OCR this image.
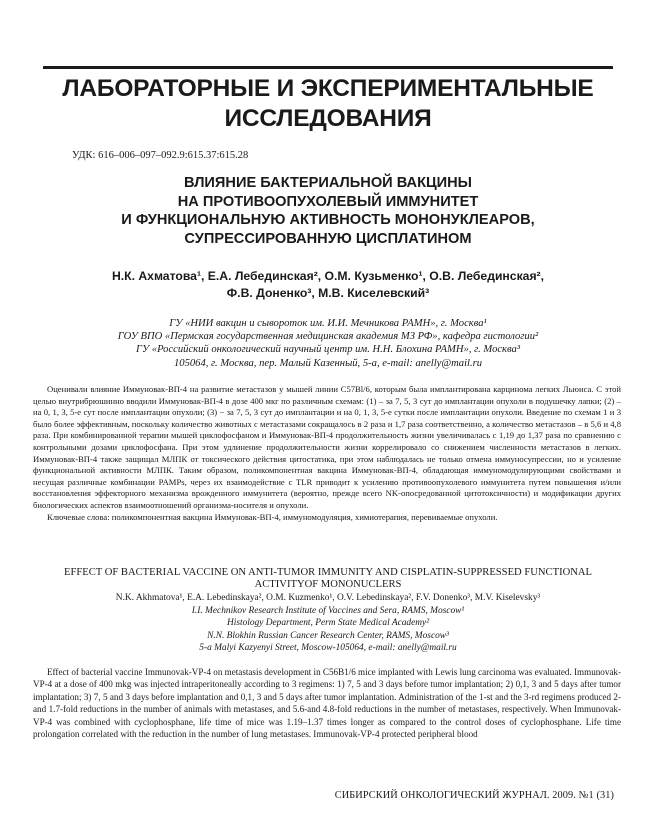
ЛАБОРАТОРНЫЕ И ЭКСПЕРИМЕНТАЛЬНЫЕ
ИССЛЕДОВАНИЯ
УДК: 616–006–097–092.9:615.37:615.28
ВЛИЯНИЕ БАКТЕРИАЛЬНОЙ ВАКЦИНЫ
НА ПРОТИВООПУХОЛЕВЫЙ ИММУНИТЕТ
И ФУНКЦИОНАЛЬНУЮ АКТИВНОСТЬ МОНОНУКЛЕАРОВ,
СУПРЕССИРОВАННУЮ ЦИСПЛАТИНОМ
Н.К. Ахматова¹, Е.А. Лебединская², О.М. Кузьменко¹, О.В. Лебединская²,
Ф.В. Доненко³, М.В. Киселевский³
ГУ «НИИ вакцин и сывороток им. И.И. Мечникова РАМН», г. Москва¹
ГОУ ВПО «Пермская государственная медицинская академия МЗ РФ», кафедра гистологии²
ГУ «Российский онкологический научный центр им. Н.Н. Блохина РАМН», г. Москва³
105064, г. Москва, пер. Малый Казенный, 5-а, e-mail: anelly@mail.ru

Оценивали влияние Иммуновак-ВП-4 на развитие метастазов у мышей линии C57Bl/6, которым была имплантирована карцинома легких Льюиса. С этой целью внутрибрюшинно вводили Иммуновак-ВП-4 в дозе 400 мкг по различным схемам: (1) – за 7, 5, 3 сут до имплантации опухоли в подушечку лапки; (2) – на 0, 1, 3, 5-е сут после имплантации опухоли; (3) − за 7, 5, 3 сут до имплантации и на 0, 1, 3, 5-е сутки после имплантации опухоли. Введение по схемам 1 и 3 было более эффективным, поскольку количество животных с метастазами сокращалось в 2 раза и 1,7 раза соответственно, а количество метастазов – в 5,6 и 4,8 раза. При комбинированной терапии мышей циклофосфаном и Иммуновак-ВП-4 продолжительность жизни увеличивалась с 1,19 до 1,37 раза по сравнению с контрольными дозами циклофосфана. При этом удлинение продолжительности жизни коррелировало со снижением численности метастазов в легких. Иммуновак-ВП-4 также защищал МЛПК от токсического действия цитостатика, при этом наблюдалась не только отмена иммуносупрессии, но и усиление функциональной активности МЛПК. Таким образом, поликомпонентная вакцина Иммуновак-ВП-4, обладающая иммуномодулирующими свойствами и несущая различные комбинации PAMPs, через их взаимодействие с TLR приводит к усилению противоопухолевого иммунитета путем повышения и/или восстановления эффекторного механизма врожденного иммунитета (вероятно, прежде всего NK-опосредованной цитотоксичности) и модификации других биологических аспектов взаимоотношений организма-носителя и опухоли.

Ключевые слова: поликомпонентная вакцина Иммуновак-ВП-4, иммуномодуляция, химиотерапия, перевиваемые опухоли.

EFFECT OF BACTERIAL VACCINE ON ANTI-TUMOR IMMUNITY AND CISPLATIN-SUPPRESSED FUNCTIONAL
ACTIVITYOF MONONUCLERS
N.K. Akhmatova¹, E.A. Lebedinskaya², O.M. Kuzmenko¹, O.V. Lebedinskaya², F.V. Donenko³, M.V. Kiselevsky³
I.I. Mechnikov Research Institute of Vaccines and Sera, RAMS, Moscow¹
Histology Department, Perm State Medical Academy²
N.N. Blokhin Russian Cancer Research Center, RAMS, Moscow³
5-a Malyi Kazyenyi Street, Moscow-105064, e-mail: anelly@mail.ru

Effect of bacterial vaccine Immunovak-VP-4 on metastasis development in C56B1/6 mice implanted with Lewis lung carcinoma was evaluated. Immunovak-VP-4 at a dose of 400 mkg was injected intraperitoneally according to 3 regimens: 1) 7, 5 and 3 days before tumor implantation; 2) 0,1, 3 and 5 days after tumor implantation; 3) 7, 5 and 3 days before implantation and 0,1, 3 and 5 days after tumor implantation. Administration of the 1-st and the 3-rd regimens produced 2- and 1.7-fold reductions in the number of animals with metastases, and 5.6-and 4.8-fold reductions in the number of metastases, respectively. When Immunovak-VP-4 was combined with cyclophosphane, life time of mice was 1.19–1.37 times longer as compared to the control doses of cyclophosphane. Life time prolongation correlated with the reduction in the number of lung metastases. Immunovak-VP-4 protected peripheral blood

СИБИРСКИЙ ОНКОЛОГИЧЕСКИЙ ЖУРНАЛ. 2009. №1 (31)
